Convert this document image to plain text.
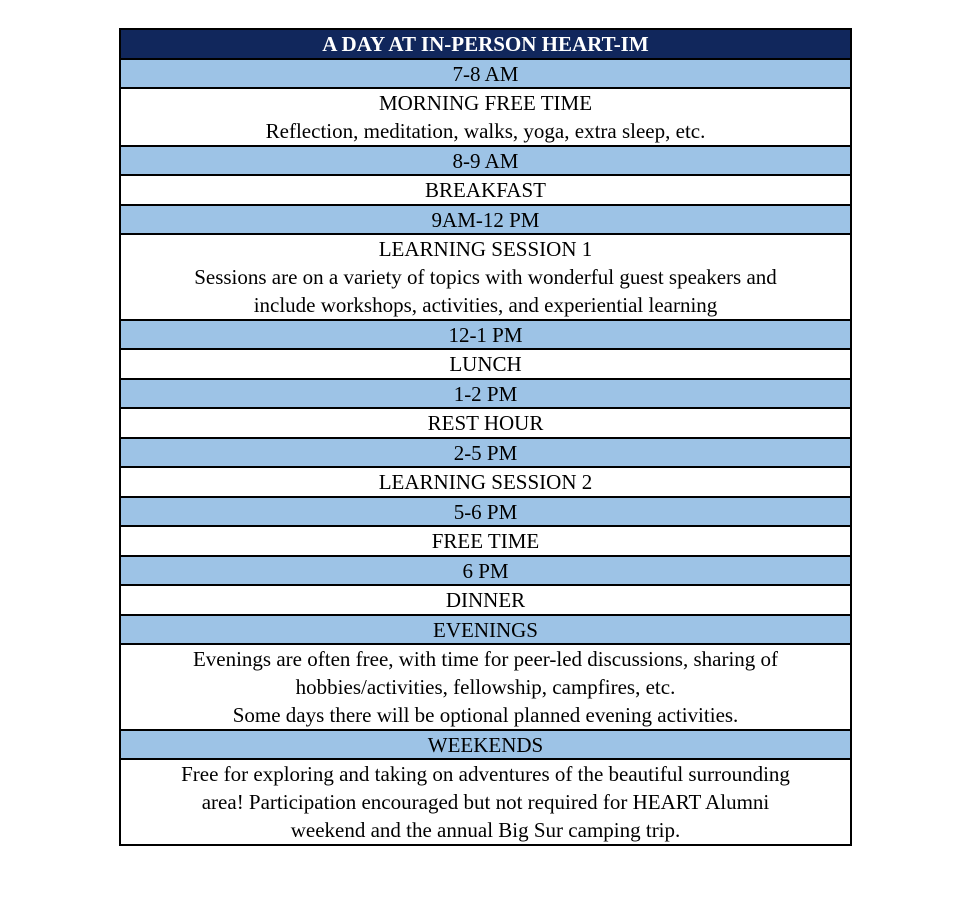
A DAY AT IN-PERSON HEART-IM
7-8 AM

MORNING FREE TIME
Reflection, meditation, walks, yoga, extra sleep, etc.

8-9 AM

BREAKFAST

9AM-12 PM

LEARNING SESSION 1
Sessions are on a variety of topics with wonderful guest speakers and
include workshops, activities, and experiential learning

12-1 PM

LUNCH

1-2 PM

REST HOUR

2-5 PM

LEARNING SESSION 2

5-6 PM

FREE TIME

6 PM

DINNER

EVENINGS

Evenings are often free, with time for peer-led discussions, sharing of
hobbies/activities, fellowship, campfires, etc.
Some days there will be optional planned evening activities.

WEEKENDS

Free for exploring and taking on adventures of the beautiful surrounding
area! Participation encouraged but not required for HEART Alumni
weekend and the annual Big Sur camping trip.
